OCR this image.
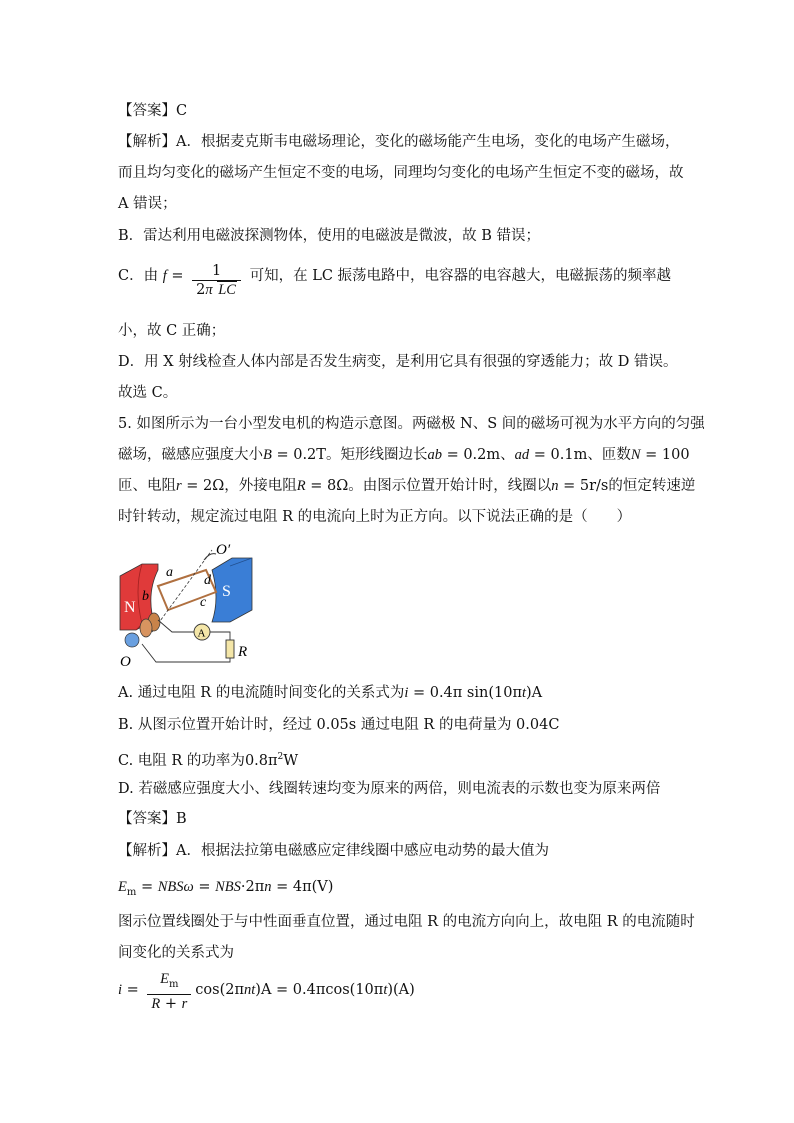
【答案】C
【解析】A．根据麦克斯韦电磁场理论，变化的磁场能产生电场，变化的电场产生磁场，
而且均匀变化的磁场产生恒定不变的电场，同理均匀变化的电场产生恒定不变的磁场，故
A 错误；
B．雷达利用电磁波探测物体，使用的电磁波是微波，故 B 错误；
C．由 $f = \frac{1}{\text{2π LC}}$ 可知，在 LC 振荡电路中，电容器的电容越大，电磁振荡的频率越
小，故 C 正确；
D．用 X 射线检查人体内部是否发生病变，是利用它具有很强的穿透能力；故 D 错误。
故选 C。
5. 如图所示为一台小型发电机的构造示意图。两磁极 N、S 间的磁场可视为水平方向的匀强
磁场，磁感应强度大小B = 0.2T。矩形线圈边长ab = 0.2m、ad = 0.1m、匝数N = 100
匝、电阻r = 2Ω，外接电阻R = 8Ω。由图示位置开始计时，线圈以n = 5r/s的恒定转速逆
时针转动，规定流过电阻 R 的电流向上时为正方向。以下说法正确的是（　　）
N
S
O′
a
b	c
d
O
A
R
A. 通过电阻 R 的电流随时间变化的关系式为i = 0.4π sin(10πt)A
B. 从图示位置开始计时，经过 0.05s 通过电阻 R 的电荷量为 0.04C
C. 电阻 R 的功率为$0.8\pi^2W$
D. 若磁感应强度大小、线圈转速均变为原来的两倍，则电流表的示数也变为原来两倍
【答案】B
【解析】A．根据法拉第电磁感应定律线圈中感应电动势的最大值为
$E_m = NBS\omega = NBS\cdot 2\pi n = 4\pi(V)$
图示位置线圈处于与中性面垂直位置，通过电阻 R 的电流方向向上，故电阻 R 的电流随时
间变化的关系式为
$i = \frac{E_m}{R + r} \cos(2\pi nt)A = 0.4\pi\cos(10\pi t)(A)$
